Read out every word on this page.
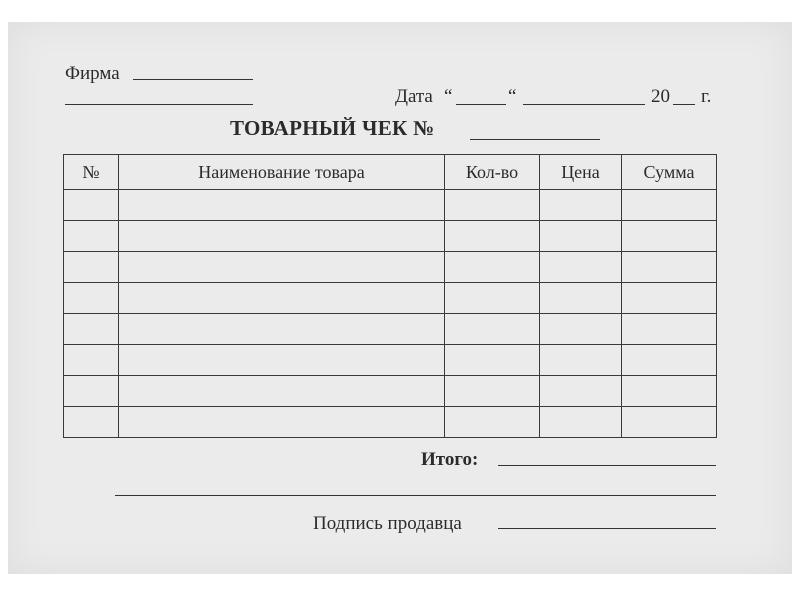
Фирма
Дата “	“	20 г.
ТОВАРНЫЙ ЧЕК №
№	Наименование товара	Кол-во	Цена	Сумма

Итого:
Подпись продавца
